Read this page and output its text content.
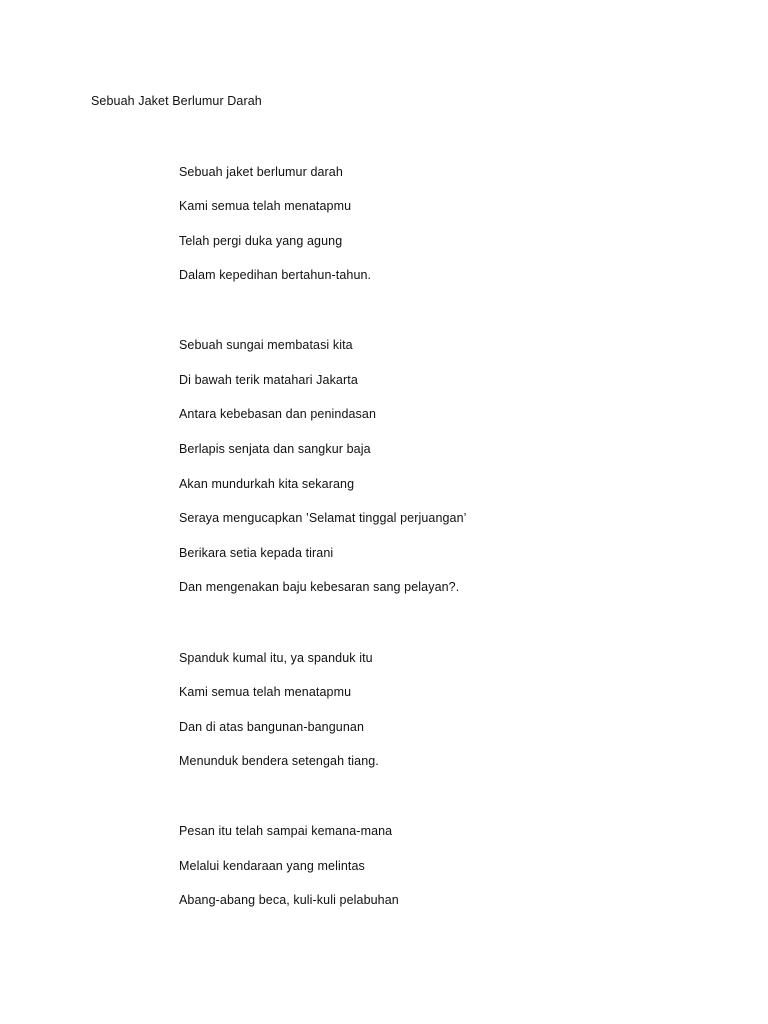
Sebuah Jaket Berlumur Darah

Sebuah jaket berlumur darah

Kami semua telah menatapmu

Telah pergi duka yang agung

Dalam kepedihan bertahun-tahun.

Sebuah sungai membatasi kita

Di bawah terik matahari Jakarta

Antara kebebasan dan penindasan

Berlapis senjata dan sangkur baja

Akan mundurkah kita sekarang

Seraya mengucapkan ’Selamat tinggal perjuangan’

Berikara setia kepada tirani

Dan mengenakan baju kebesaran sang pelayan?.

Spanduk kumal itu, ya spanduk itu

Kami semua telah menatapmu

Dan di atas bangunan-bangunan

Menunduk bendera setengah tiang.

Pesan itu telah sampai kemana-mana

Melalui kendaraan yang melintas

Abang-abang beca, kuli-kuli pelabuhan
